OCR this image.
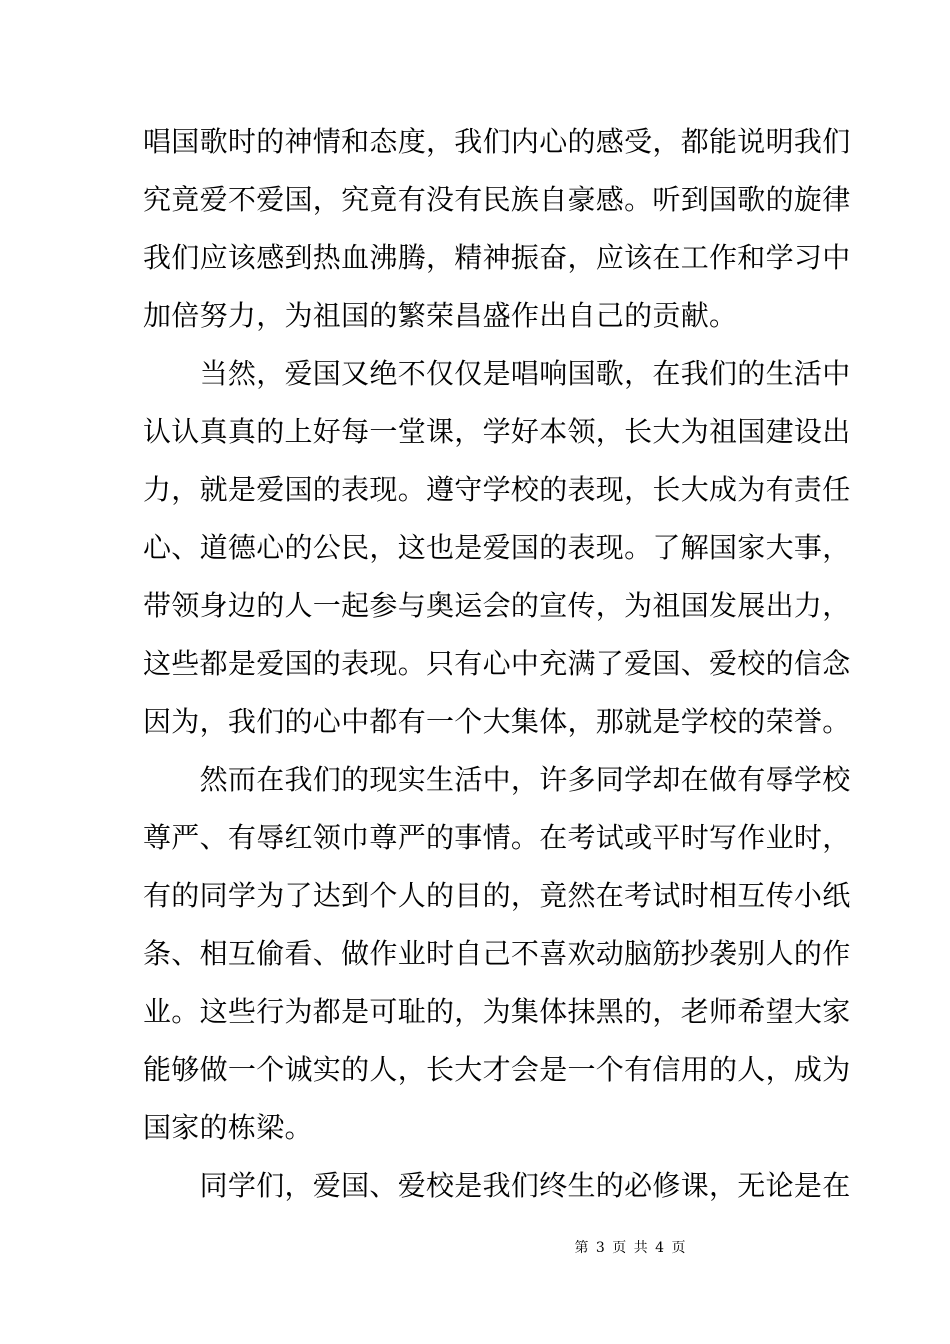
唱国歌时的神情和态度，我们内心的感受，都能说明我们
究竟爱不爱国，究竟有没有民族自豪感。听到国歌的旋律
我们应该感到热血沸腾，精神振奋，应该在工作和学习中
加倍努力，为祖国的繁荣昌盛作出自己的贡献。
　　当然，爱国又绝不仅仅是唱响国歌，在我们的生活中
认认真真的上好每一堂课，学好本领，长大为祖国建设出
力，就是爱国的表现。遵守学校的表现，长大成为有责任
心、道德心的公民，这也是爱国的表现。了解国家大事，
带领身边的人一起参与奥运会的宣传，为祖国发展出力，
这些都是爱国的表现。只有心中充满了爱国、爱校的信念
因为，我们的心中都有一个大集体，那就是学校的荣誉。
　　然而在我们的现实生活中，许多同学却在做有辱学校
尊严、有辱红领巾尊严的事情。在考试或平时写作业时，
有的同学为了达到个人的目的，竟然在考试时相互传小纸
条、相互偷看、做作业时自己不喜欢动脑筋抄袭别人的作
业。这些行为都是可耻的，为集体抹黑的，老师希望大家
能够做一个诚实的人，长大才会是一个有信用的人，成为
国家的栋梁。
　　同学们，爱国、爱校是我们终生的必修课，无论是在
第 3 页 共 4 页
